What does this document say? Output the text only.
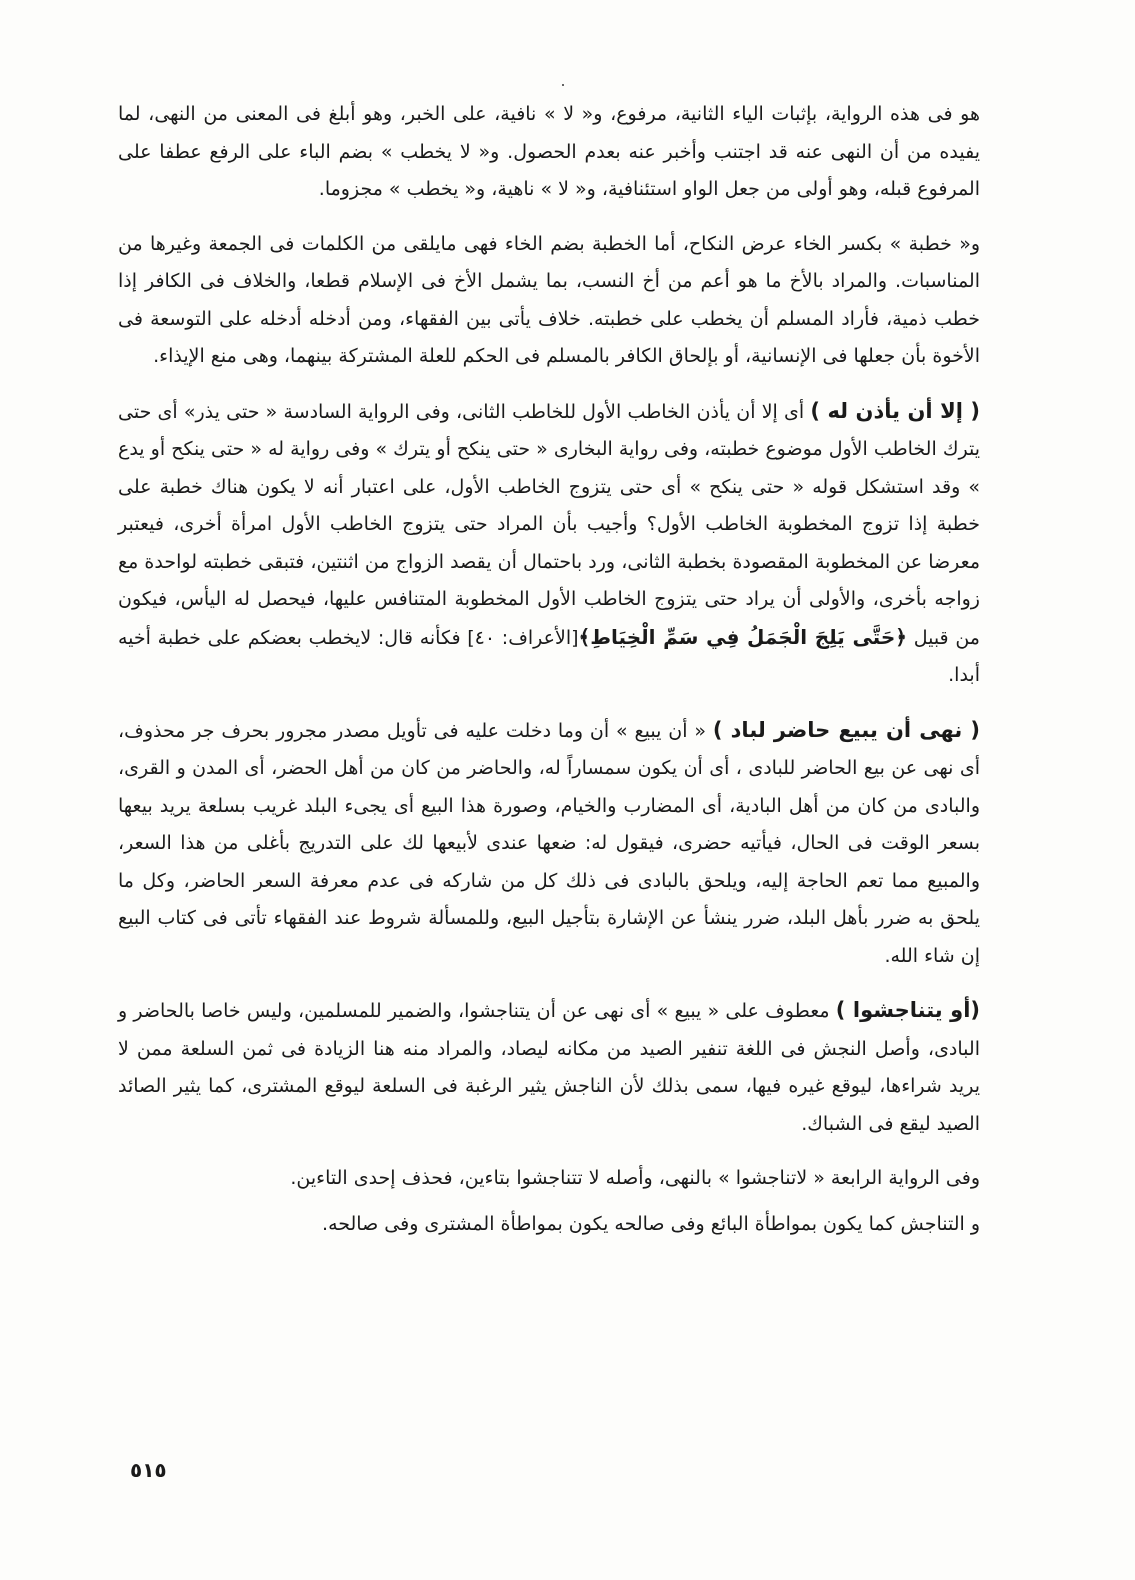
هو فى هذه الرواية، بإثبات الياء الثانية، مرفوع، و« لا » نافية، على الخبر، وهو أبلغ فى المعنى من النهى، لما يفيده من أن النهى عنه قد اجتنب وأخبر عنه بعدم الحصول. و« لا يخطب » بضم الباء على الرفع عطفا على المرفوع قبله، وهو أولى من جعل الواو استئنافية، و« لا » ناهية، و« يخطب » مجزوما.

و« خطبة » بكسر الخاء عرض النكاح، أما الخطبة بضم الخاء فهى مايلقى من الكلمات فى الجمعة وغيرها من المناسبات. والمراد بالأخ ما هو أعم من أخ النسب، بما يشمل الأخ فى الإسلام قطعا، والخلاف فى الكافر إذا خطب ذمية، فأراد المسلم أن يخطب على خطبته. خلاف يأتى بين الفقهاء، ومن أدخله أدخله على التوسعة فى الأخوة بأن جعلها فى الإنسانية، أو بإلحاق الكافر بالمسلم فى الحكم للعلة المشتركة بينهما، وهى منع الإيذاء.

( إلا أن يأذن له ) أى إلا أن يأذن الخاطب الأول للخاطب الثانى، وفى الرواية السادسة « حتى يذر» أى حتى يترك الخاطب الأول موضوع خطبته، وفى رواية البخارى « حتى ينكح أو يترك » وفى رواية له « حتى ينكح أو يدع » وقد استشكل قوله « حتى ينكح » أى حتى يتزوج الخاطب الأول، على اعتبار أنه لا يكون هناك خطبة على خطبة إذا تزوج المخطوبة الخاطب الأول؟ وأجيب بأن المراد حتى يتزوج الخاطب الأول امرأة أخرى، فيعتبر معرضا عن المخطوبة المقصودة بخطبة الثانى، ورد باحتمال أن يقصد الزواج من اثنتين، فتبقى خطبته لواحدة مع زواجه بأخرى، والأولى أن يراد حتى يتزوج الخاطب الأول المخطوبة المتنافس عليها، فيحصل له اليأس، فيكون من قبيل ﴿حَتَّى يَلِجَ الْجَمَلُ فِي سَمِّ الْخِيَاطِ﴾[الأعراف: ٤٠] فكأنه قال: لايخطب بعضكم على خطبة أخيه أبدا.

( نهى أن يبيع حاضر لباد ) « أن يبيع » أن وما دخلت عليه فى تأويل مصدر مجرور بحرف جر محذوف، أى نهى عن بيع الحاضر للبادى ، أى أن يكون سمساراً له، والحاضر من كان من أهل الحضر، أى المدن و القرى، والبادى من كان من أهل البادية، أى المضارب والخيام، وصورة هذا البيع أى يجىء البلد غريب بسلعة يريد بيعها بسعر الوقت فى الحال، فيأتيه حضرى، فيقول له: ضعها عندى لأبيعها لك على التدريج بأغلى من هذا السعر، والمبيع مما تعم الحاجة إليه، ويلحق بالبادى فى ذلك كل من شاركه فى عدم معرفة السعر الحاضر، وكل ما يلحق به ضرر بأهل البلد، ضرر ينشأ عن الإشارة بتأجيل البيع، وللمسألة شروط عند الفقهاء تأتى فى كتاب البيع إن شاء الله.

(أو يتناجشوا ) معطوف على « يبيع » أى نهى عن أن يتناجشوا، والضمير للمسلمين، وليس خاصا بالحاضر و البادى، وأصل النجش فى اللغة تنفير الصيد من مكانه ليصاد، والمراد منه هنا الزيادة فى ثمن السلعة ممن لا يريد شراءها، ليوقع غيره فيها، سمى بذلك لأن الناجش يثير الرغبة فى السلعة ليوقع المشترى، كما يثير الصائد الصيد ليقع فى الشباك.

وفى الرواية الرابعة « لاتناجشوا » بالنهى، وأصله لا تتناجشوا بتاءين، فحذف إحدى التاءين.

و التناجش كما يكون بمواطأة البائع وفى صالحه يكون بمواطأة المشترى وفى صالحه.

٥١٥
